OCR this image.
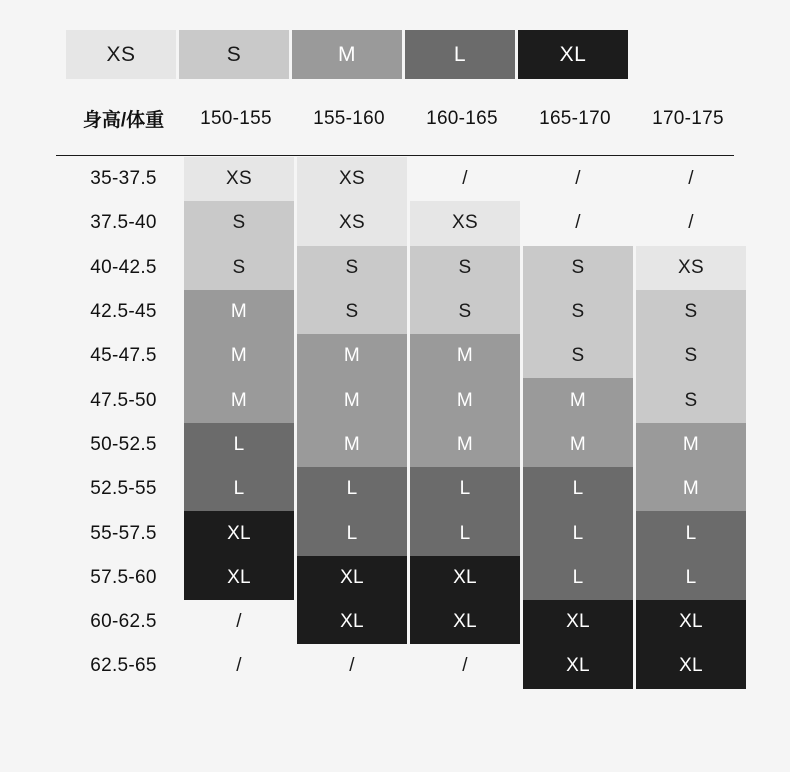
XS	S	M	L	XL
身高/体重	150-155	155-160	160-165	165-170	170-175
35-37.5	XS	XS	/	/	/
37.5-40	S	XS	XS	/	/
40-42.5	S	S	S	S	XS
42.5-45	M	S	S	S	S
45-47.5	M	M	M	S	S
47.5-50	M	M	M	M	S
50-52.5	L	M	M	M	M
52.5-55	L	L	L	L	M
55-57.5	XL	L	L	L	L
57.5-60	XL	XL	XL	L	L
60-62.5	/	XL	XL	XL	XL
62.5-65	/	/	/	XL	XL
